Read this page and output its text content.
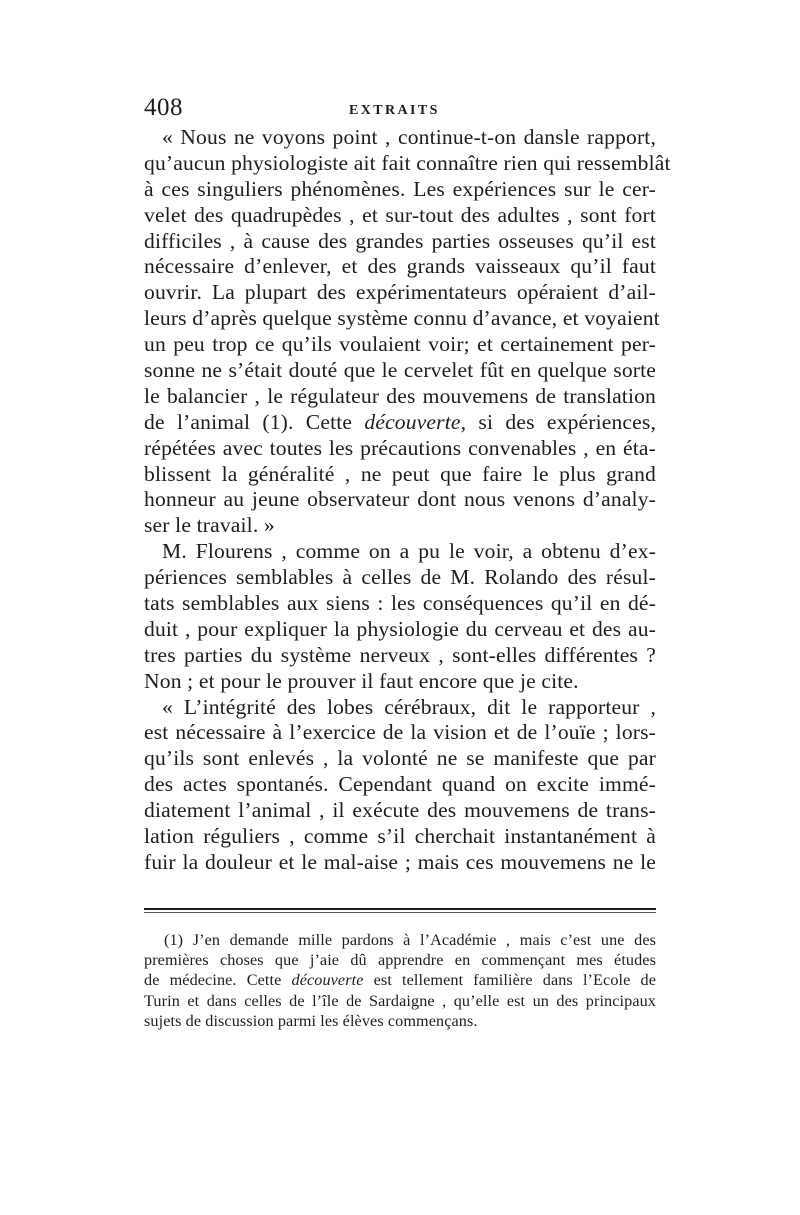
408	EXTRAITS
« Nous ne voyons point , continue-t-on dansle rapport,
qu’aucun physiologiste ait fait connaître rien qui ressemblât
à ces singuliers phénomènes. Les expériences sur le cer-
velet des quadrupèdes , et sur-tout des adultes , sont fort
difficiles , à cause des grandes parties osseuses qu’il est
nécessaire d’enlever, et des grands vaisseaux qu’il faut
ouvrir. La plupart des expérimentateurs opéraient d’ail-
leurs d’après quelque système connu d’avance, et voyaient
un peu trop ce qu’ils voulaient voir; et certainement per-
sonne ne s’était douté que le cervelet fût en quelque sorte
le balancier , le régulateur des mouvemens de translation
de l’animal (1). Cette découverte, si des expériences,
répétées avec toutes les précautions convenables , en éta-
blissent la généralité , ne peut que faire le plus grand
honneur au jeune observateur dont nous venons d’analy-
ser le travail. »
M. Flourens , comme on a pu le voir, a obtenu d’ex-
périences semblables à celles de M. Rolando des résul-
tats semblables aux siens : les conséquences qu’il en dé-
duit , pour expliquer la physiologie du cerveau et des au-
tres parties du système nerveux , sont-elles différentes ?
Non ; et pour le prouver il faut encore que je cite.
« L’intégrité des lobes cérébraux, dit le rapporteur ,
est nécessaire à l’exercice de la vision et de l’ouïe ; lors-
qu’ils sont enlevés , la volonté ne se manifeste que par
des actes spontanés. Cependant quand on excite immé-
diatement l’animal , il exécute des mouvemens de trans-
lation réguliers , comme s’il cherchait instantanément à
fuir la douleur et le mal-aise ; mais ces mouvemens ne le
(1) J’en demande mille pardons à l’Académie , mais c’est une des
premières choses que j’aie dû apprendre en commençant mes études
de médecine. Cette découverte est tellement familière dans l’Ecole de
Turin et dans celles de l’île de Sardaigne , qu’elle est un des principaux
sujets de discussion parmi les élèves commençans.
